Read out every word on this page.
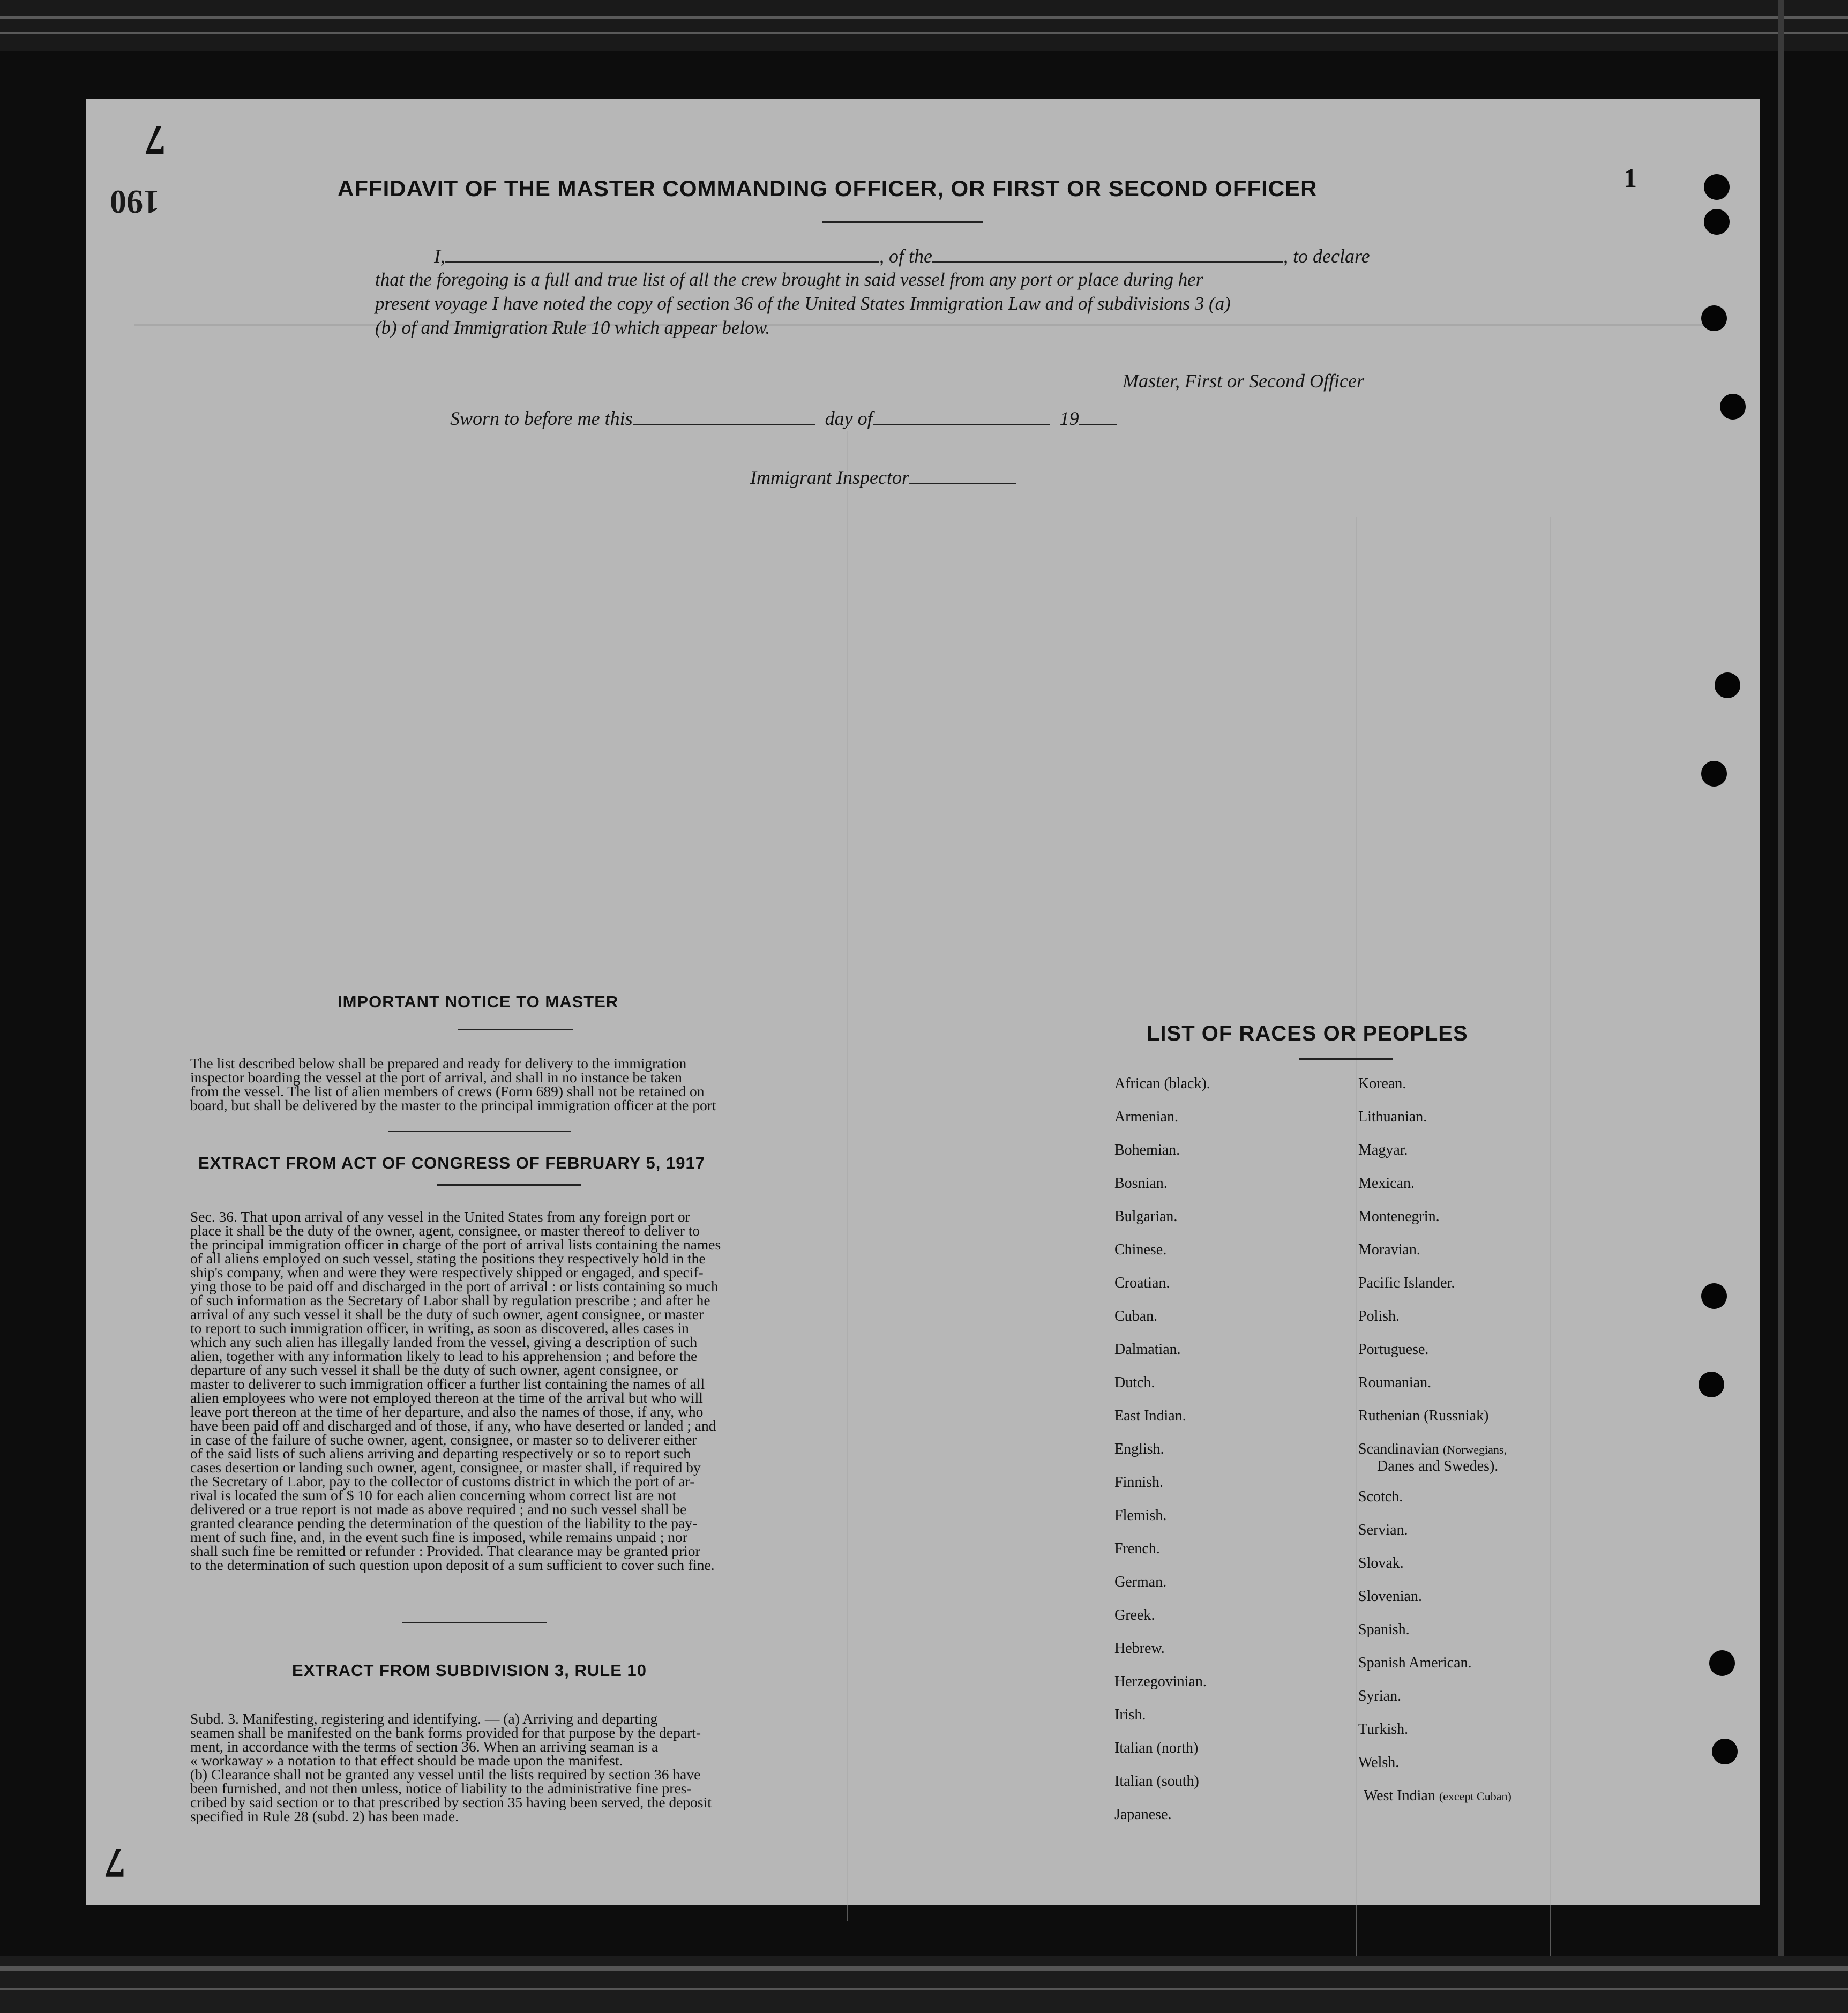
190
7
7
1
AFFIDAVIT OF THE MASTER COMMANDING OFFICER, OR FIRST OR SECOND OFFICER
I,	, of the	, to declare
that the foregoing is a full and true list of all the crew brought in said vessel from any port or place during her
present voyage I have noted the copy of section 36 of the United States Immigration Law and of subdivisions 3 (a)
(b) of and Immigration Rule 10 which appear below.
Master, First or Second Officer
Sworn to before me this	day of	19
Immigrant Inspector
IMPORTANT NOTICE TO MASTER
The list described below shall be prepared and ready for delivery to the immigration
inspector boarding the vessel at the port of arrival, and shall in no instance be taken
from the vessel. The list of alien members of crews (Form 689) shall not be retained on
board, but shall be delivered by the master to the principal immigration officer at the port
EXTRACT FROM ACT OF CONGRESS OF FEBRUARY 5, 1917
Sec. 36. That upon arrival of any vessel in the United States from any foreign port or
place it shall be the duty of the owner, agent, consignee, or master thereof to deliver to
the principal immigration officer in charge of the port of arrival lists containing the names
of all aliens employed on such vessel, stating the positions they respectively hold in the
ship's company, when and were they were respectively shipped or engaged, and specif-
ying those to be paid off and discharged in the port of arrival : or lists containing so much
of such information as the Secretary of Labor shall by regulation prescribe ; and after he
arrival of any such vessel it shall be the duty of such owner, agent consignee, or master
to report to such immigration officer, in writing, as soon as discovered, alles cases in
which any such alien has illegally landed from the vessel, giving a description of such
alien, together with any information likely to lead to his apprehension ; and before the
departure of any such vessel it shall be the duty of such owner, agent consignee, or
master to deliverer to such immigration officer a further list containing the names of all
alien employees who were not employed thereon at the time of the arrival but who will
leave port thereon at the time of her departure, and also the names of those, if any, who
have been paid off and discharged and of those, if any, who have deserted or landed ; and
in case of the failure of suche owner, agent, consignee, or master so to deliverer either
of the said lists of such aliens arriving and departing respectively or so to report such
cases desertion or landing such owner, agent, consignee, or master shall, if required by
the Secretary of Labor, pay to the collector of customs district in which the port of ar-
rival is located the sum of $ 10 for each alien concerning whom correct list are not
delivered or a true report is not made as above required ; and no such vessel shall be
granted clearance pending the determination of the question of the liability to the pay-
ment of such fine, and, in the event such fine is imposed, while remains unpaid ; nor
shall such fine be remitted or refunder : Provided. That clearance may be granted prior
to the determination of such question upon deposit of a sum sufficient to cover such fine.
EXTRACT FROM SUBDIVISION 3, RULE 10
Subd. 3. Manifesting, registering and identifying. — (a) Arriving and departing
seamen shall be manifested on the bank forms provided for that purpose by the depart-
ment, in accordance with the terms of section 36. When an arriving seaman is a
« workaway » a notation to that effect should be made upon the manifest.
(b) Clearance shall not be granted any vessel until the lists required by section 36 have
been furnished, and not then unless, notice of liability to the administrative fine pres-
cribed by said section or to that prescribed by section 35 having been served, the deposit
specified in Rule 28 (subd. 2) has been made.
LIST OF RACES OR PEOPLES
African (black).
Armenian.
Bohemian.
Bosnian.
Bulgarian.
Chinese.
Croatian.
Cuban.
Dalmatian.
Dutch.
East Indian.
English.
Finnish.
Flemish.
French.
German.
Greek.
Hebrew.
Herzegovinian.
Irish.
Italian (north)
Italian (south)
Japanese.
Korean.
Lithuanian.
Magyar.
Mexican.
Montenegrin.
Moravian.
Pacific Islander.
Polish.
Portuguese.
Roumanian.
Ruthenian (Russniak)
Scandinavian (Norwegians,
Danes and Swedes).
Scotch.
Servian.
Slovak.
Slovenian.
Spanish.
Spanish American.
Syrian.
Turkish.
Welsh.
West Indian (except Cuban)
